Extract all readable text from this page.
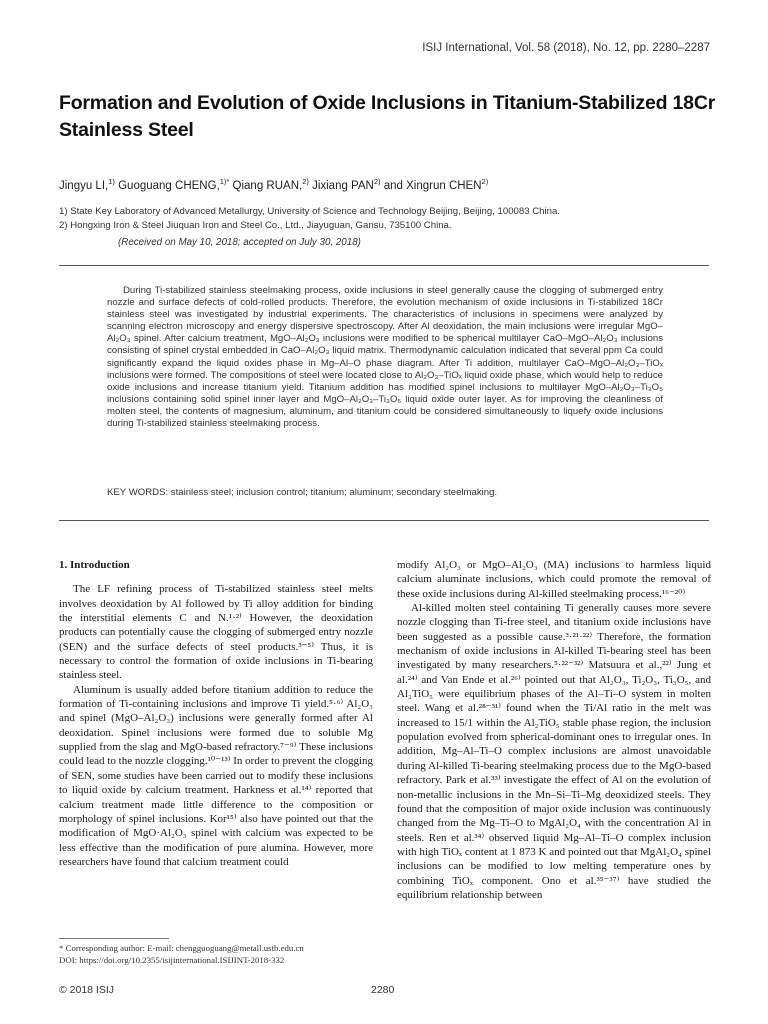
ISIJ International, Vol. 58 (2018), No. 12, pp. 2280–2287
Formation and Evolution of Oxide Inclusions in Titanium-Stabilized 18Cr Stainless Steel
Jingyu LI,$^{1)}$ Guoguang CHENG,$^{1)*}$ Qiang RUAN,$^{2)}$ Jixiang PAN$^{2)}$ and Xingrun CHEN$^{2)}$
1) State Key Laboratory of Advanced Metallurgy, University of Science and Technology Beijing, Beijing, 100083 China.
2) Hongxing Iron & Steel Jiuquan Iron and Steel Co., Ltd., Jiayuguan, Gansu, 735100 China.
(Received on May 10, 2018; accepted on July 30, 2018)

During Ti-stabilized stainless steelmaking process, oxide inclusions in steel generally cause the clogging of submerged entry nozzle and surface defects of cold-rolled products. Therefore, the evolution mechanism of oxide inclusions in Ti-stabilized 18Cr stainless steel was investigated by industrial experiments. The characteristics of inclusions in specimens were analyzed by scanning electron microscopy and energy dispersive spectroscopy. After Al deoxidation, the main inclusions were irregular MgO–Al₂O₃ spinel. After calcium treatment, MgO–Al₂O₃ inclusions were modified to be spherical multilayer CaO–MgO–Al₂O₃ inclusions consisting of spinel crystal embedded in CaO–Al₂O₃ liquid matrix. Thermodynamic calculation indicated that several ppm Ca could significantly expand the liquid oxides phase in Mg–Al–O phase diagram. After Ti addition, multilayer CaO–MgO–Al₂O₃–TiOₓ inclusions were formed. The compositions of steel were located close to Al₂O₃–TiOₓ liquid oxide phase, which would help to reduce oxide inclusions and increase titanium yield. Titanium addition has modified spinel inclusions to multilayer MgO–Al₂O₃–Ti₃O₅ inclusions containing solid spinel inner layer and MgO–Al₂O₃–Ti₃O₅ liquid oxide outer layer. As for improving the cleanliness of molten steel, the contents of magnesium, aluminum, and titanium could be considered simultaneously to liquefy oxide inclusions during Ti-stabilized stainless steelmaking process.

KEY WORDS: stainless steel; inclusion control; titanium; aluminum; secondary steelmaking.

1. Introduction

The LF refining process of Ti-stabilized stainless steel melts involves deoxidation by Al followed by Ti alloy addition for binding the interstitial elements C and N.¹·²⁾ However, the deoxidation products can potentially cause the clogging of submerged entry nozzle (SEN) and the surface defects of steel products.³⁻⁵⁾ Thus, it is necessary to control the formation of oxide inclusions in Ti-bearing stainless steel.

Aluminum is usually added before titanium addition to reduce the formation of Ti-containing inclusions and improve Ti yield.⁵·⁶⁾ Al₂O₃ and spinel (MgO–Al₂O₃) inclusions were generally formed after Al deoxidation. Spinel inclusions were formed due to soluble Mg supplied from the slag and MgO-based refractory.⁷⁻⁹⁾ These inclusions could lead to the nozzle clogging.¹⁰⁻¹³⁾ In order to prevent the clogging of SEN, some studies have been carried out to modify these inclusions to liquid oxide by calcium treatment. Harkness et al.¹⁴⁾ reported that calcium treatment made little difference to the composition or morphology of spinel inclusions. Kor¹⁵⁾ also have pointed out that the modification of MgO·Al₂O₃ spinel with calcium was expected to be less effective than the modification of pure alumina. However, more researchers have found that calcium treatment could

modify Al₂O₃ or MgO–Al₂O₃ (MA) inclusions to harmless liquid calcium aluminate inclusions, which could promote the removal of these oxide inclusions during Al-killed steelmaking process.¹⁶⁻²⁰⁾

Al-killed molten steel containing Ti generally causes more severe nozzle clogging than Ti-free steel, and titanium oxide inclusions have been suggested as a possible cause.³·²¹·²²⁾ Therefore, the formation mechanism of oxide inclusions in Al-killed Ti-bearing steel has been investigated by many researchers.⁵·²²⁻³²⁾ Matsuura et al.,²²⁾ Jung et al.²⁴⁾ and Van Ende et al.²⁶⁾ pointed out that Al₂O₃, Ti₂O₃, Ti₃O₅, and Al₂TiO₅ were equilibrium phases of the Al–Ti–O system in molten steel. Wang et al.²⁸⁻³¹⁾ found when the Ti/Al ratio in the melt was increased to 15/1 within the Al₂TiO₅ stable phase region, the inclusion population evolved from spherical-dominant ones to irregular ones. In addition, Mg–Al–Ti–O complex inclusions are almost unavoidable during Al-killed Ti-bearing steelmaking process due to the MgO-based refractory. Park et al.³³⁾ investigate the effect of Al on the evolution of non-metallic inclusions in the Mn–Si–Ti–Mg deoxidized steels. They found that the composition of major oxide inclusion was continuously changed from the Mg–Ti–O to MgAl₂O₄ with the concentration Al in steels. Ren et al.³⁴⁾ observed liquid Mg–Al–Ti–O complex inclusion with high TiOₓ content at 1 873 K and pointed out that MgAl₂O₄ spinel inclusions can be modified to low melting temperature ones by combining TiOₓ component. Ono et al.³⁵⁻³⁷⁾ have studied the equilibrium relationship between

* Corresponding author: E-mail: chengguoguang@metall.ustb.edu.cn
DOI: https://doi.org/10.2355/isijinternational.ISIJINT-2018-332
© 2018 ISIJ	2280
